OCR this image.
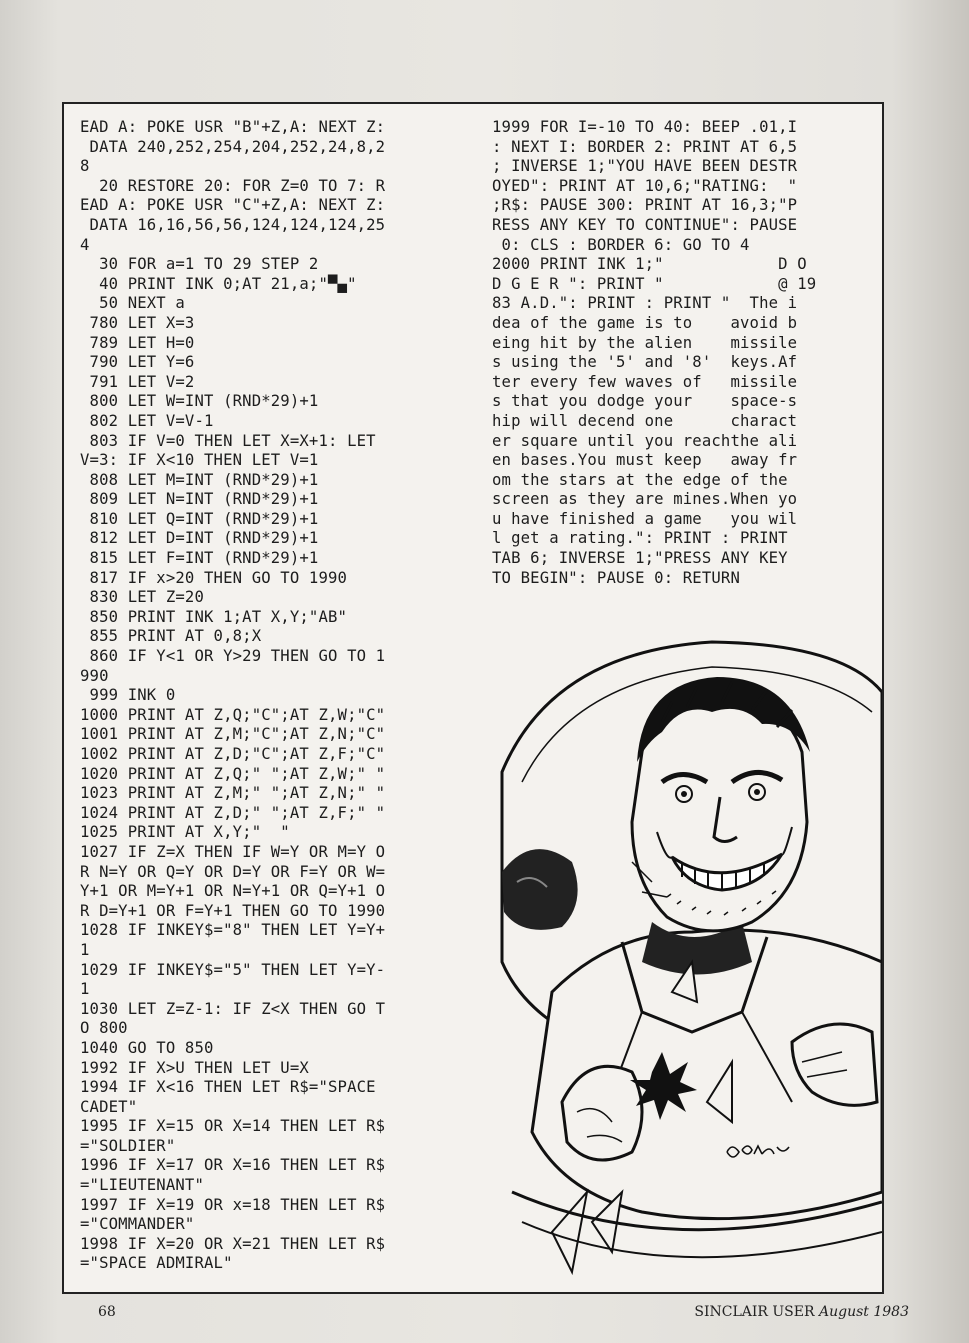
EAD A: POKE USR "B"+Z,A: NEXT Z:
DATA 240,252,254,204,252,24,8,2
8
20 RESTORE 20: FOR Z=0 TO 7: R
EAD A: POKE USR "C"+Z,A: NEXT Z:
DATA 16,16,56,56,124,124,124,25
4
30 FOR a=1 TO 29 STEP 2
40 PRINT INK 0;AT 21,a;"▀▄"
50 NEXT a
780 LET X=3
789 LET H=0
790 LET Y=6
791 LET V=2
800 LET W=INT (RND*29)+1
802 LET V=V-1
803 IF V=0 THEN LET X=X+1: LET
V=3: IF X<10 THEN LET V=1
808 LET M=INT (RND*29)+1
809 LET N=INT (RND*29)+1
810 LET Q=INT (RND*29)+1
812 LET D=INT (RND*29)+1
815 LET F=INT (RND*29)+1
817 IF x>20 THEN GO TO 1990
830 LET Z=20
850 PRINT INK 1;AT X,Y;"AB"
855 PRINT AT 0,8;X
860 IF Y<1 OR Y>29 THEN GO TO 1
990
999 INK 0
1000 PRINT AT Z,Q;"C";AT Z,W;"C"
1001 PRINT AT Z,M;"C";AT Z,N;"C"
1002 PRINT AT Z,D;"C";AT Z,F;"C"
1020 PRINT AT Z,Q;" ";AT Z,W;" "
1023 PRINT AT Z,M;" ";AT Z,N;" "
1024 PRINT AT Z,D;" ";AT Z,F;" "
1025 PRINT AT X,Y;"  "
1027 IF Z=X THEN IF W=Y OR M=Y O
R N=Y OR Q=Y OR D=Y OR F=Y OR W=
Y+1 OR M=Y+1 OR N=Y+1 OR Q=Y+1 O
R D=Y+1 OR F=Y+1 THEN GO TO 1990
1028 IF INKEY$="8" THEN LET Y=Y+
1
1029 IF INKEY$="5" THEN LET Y=Y-
1
1030 LET Z=Z-1: IF Z<X THEN GO T
O 800
1040 GO TO 850
1992 IF X>U THEN LET U=X
1994 IF X<16 THEN LET R$="SPACE
CADET"
1995 IF X=15 OR X=14 THEN LET R$
="SOLDIER"
1996 IF X=17 OR X=16 THEN LET R$
="LIEUTENANT"
1997 IF X=19 OR x=18 THEN LET R$
="COMMANDER"
1998 IF X=20 OR X=21 THEN LET R$
="SPACE ADMIRAL"
1999 FOR I=-10 TO 40: BEEP .01,I
: NEXT I: BORDER 2: PRINT AT 6,5
; INVERSE 1;"YOU HAVE BEEN DESTR
OYED": PRINT AT 10,6;"RATING:  "
;R$: PAUSE 300: PRINT AT 16,3;"P
RESS ANY KEY TO CONTINUE": PAUSE
0: CLS : BORDER 6: GO TO 4
2000 PRINT INK 1;"            D O
D G E R ": PRINT "            @ 19
83 A.D.": PRINT : PRINT "  The i
dea of the game is to    avoid b
eing hit by the alien    missile
s using the '5' and '8'  keys.Af
ter every few waves of   missile
s that you dodge your    space-s
hip will decend one      charact
er square until you reachthe ali
en bases.You must keep   away fr
om the stars at the edge of the
screen as they are mines.When yo
u have finished a game   you wil
l get a rating.": PRINT : PRINT
TAB 6; INVERSE 1;"PRESS ANY KEY
TO BEGIN": PAUSE 0: RETURN
68	SINCLAIR USER August 1983
